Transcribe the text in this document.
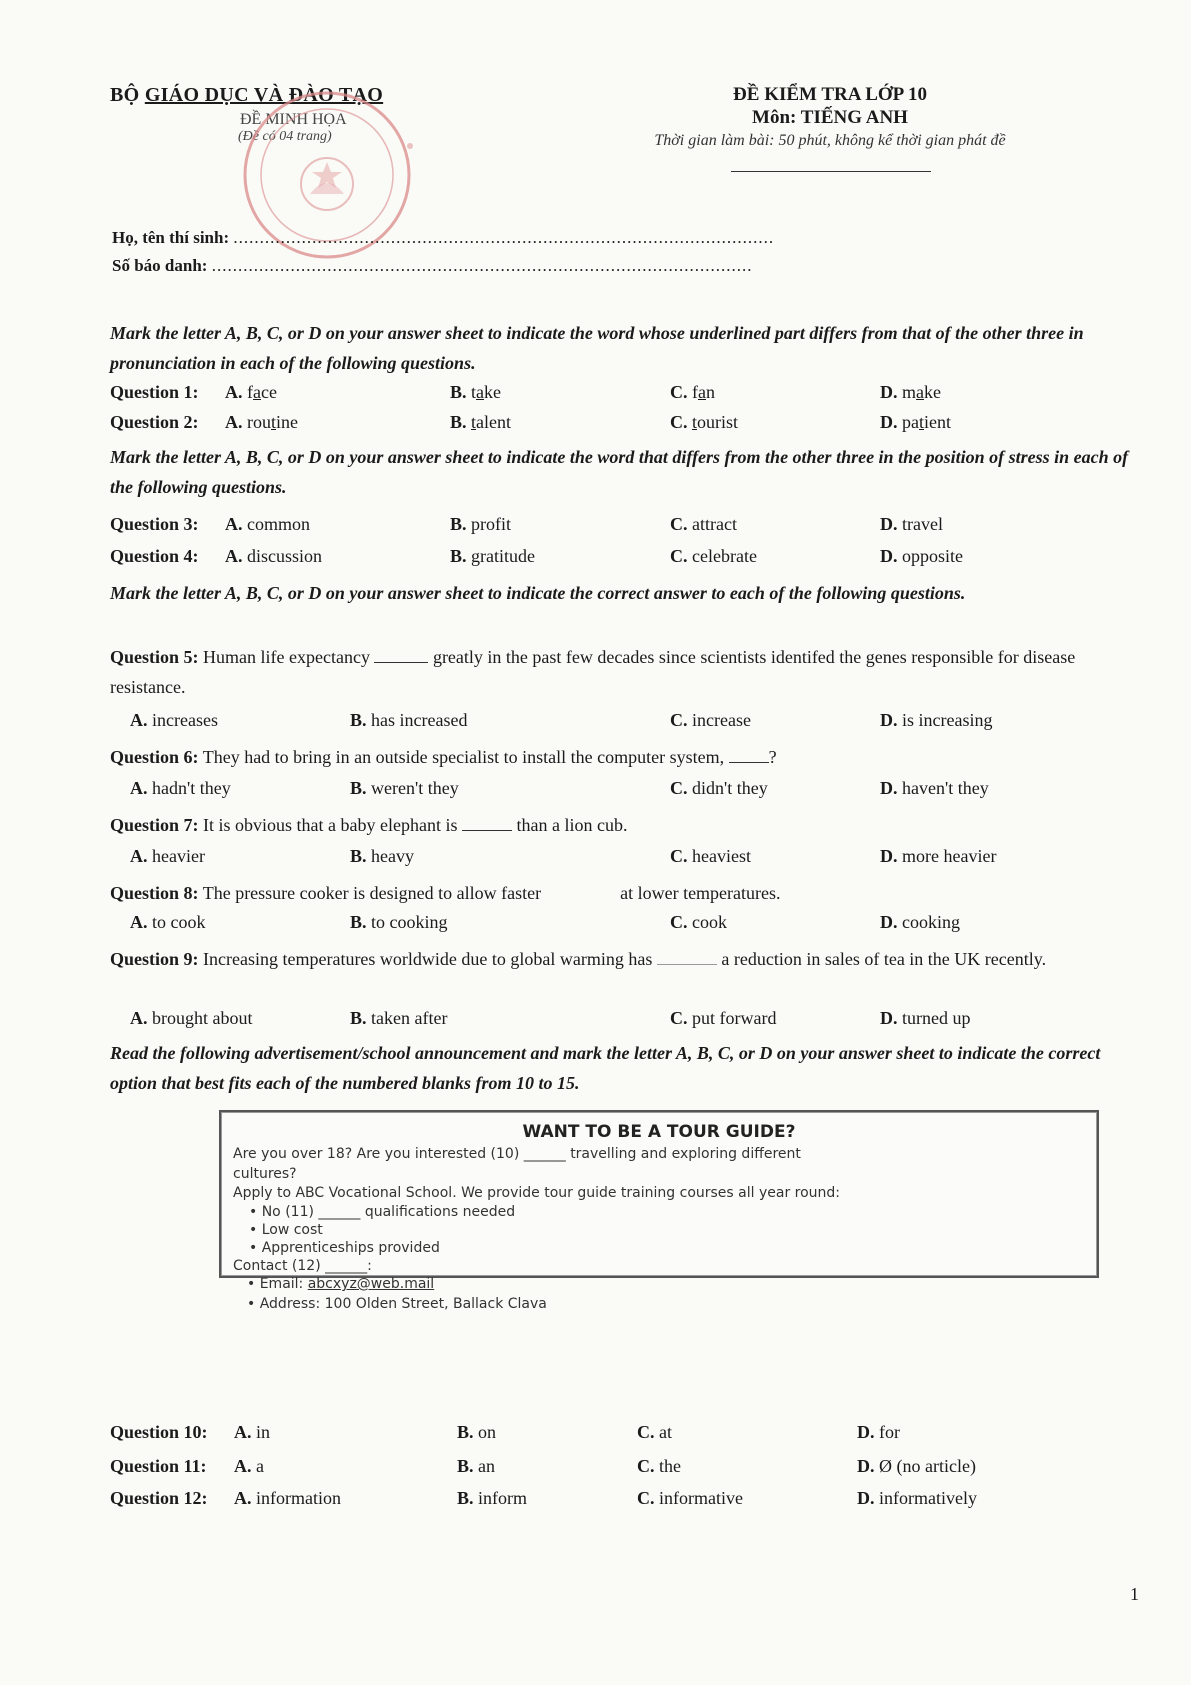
BỘ GIÁO DỤC VÀ ĐÀO TẠO
ĐỀ MINH HỌA
(Đề có 04 trang)
ĐỀ KIỂM TRA LỚP 10
Môn: TIẾNG ANH
Thời gian làm bài: 50 phút, không kể thời gian phát đề
Họ, tên thí sinh: .......................................................................................................
Số báo danh: .......................................................................................................
Mark the letter A, B, C, or D on your answer sheet to indicate the word whose underlined part differs from that of the other three in pronunciation in each of the following questions.
Question 1: A. face	B. take	C. fan	D. make
Question 2: A. routine	B. talent	C. tourist	D. patient
Mark the letter A, B, C, or D on your answer sheet to indicate the word that differs from the other three in the position of stress in each of the following questions.
Question 3: A. common	B. profit	C. attract	D. travel
Question 4: A. discussion	B. gratitude	C. celebrate	D. opposite
Mark the letter A, B, C, or D on your answer sheet to indicate the correct answer to each of the following questions.
Question 5: Human life expectancy	greatly in the past few decades since scientists identifed the genes responsible for disease resistance.
A. increases	B. has increased	C. increase	D. is increasing
Question 6: They had to bring in an outside specialist to install the computer system, ?
A. hadn't they	B. weren't they	C. didn't they	D. haven't they
Question 7: It is obvious that a baby elephant is	than a lion cub.
A. heavier	B. heavy	C. heaviest	D. more heavier
Question 8: The pressure cooker is designed to allow faster	at lower temperatures.
A. to cook	B. to cooking	C. cook	D. cooking
Question 9: Increasing temperatures worldwide due to global warming has	a reduction in sales of tea in the UK recently.
A. brought about	B. taken after	C. put forward	D. turned up
Read the following advertisement/school announcement and mark the letter A, B, C, or D on your answer sheet to indicate the correct option that best fits each of the numbered blanks from 10 to 15.
WANT TO BE A TOUR GUIDE?
Are you over 18? Are you interested (10) ______ travelling and exploring different
cultures?
Apply to ABC Vocational School. We provide tour guide training courses all year round:
• No (11) ______ qualifications needed
• Low cost
• Apprenticeships provided
Contact (12) ______:
• Email: abcxyz@web.mail
• Address: 100 Olden Street, Ballack Clava
Question 10: A. in	B. on	C. at	D. for
Question 11: A. a	B. an	C. the	D. Ø (no article)
Question 12: A. information	B. inform	C. informative	D. informatively
1
